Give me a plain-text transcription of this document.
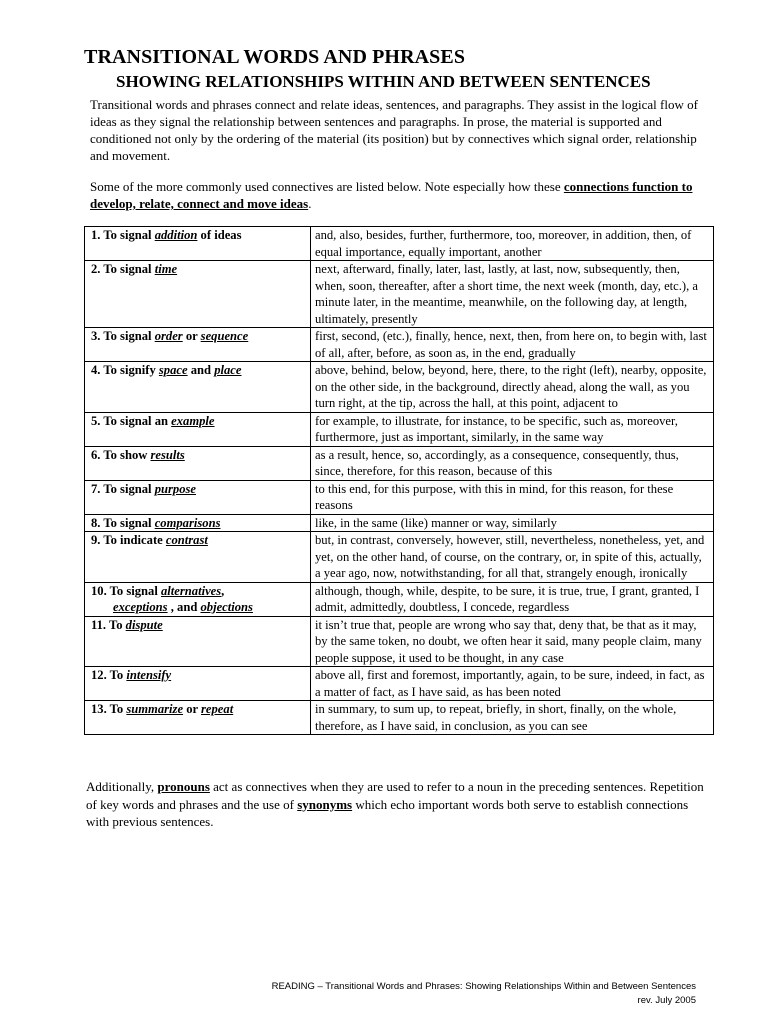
TRANSITIONAL WORDS AND PHRASES
SHOWING RELATIONSHIPS WITHIN AND BETWEEN SENTENCES

Transitional words and phrases connect and relate ideas, sentences, and paragraphs. They assist in the logical flow of ideas as they signal the relationship between sentences and paragraphs. In prose, the material is supported and conditioned not only by the ordering of the material (its position) but by connectives which signal order, relationship and movement.

Some of the more commonly used connectives are listed below. Note especially how these connections function to develop, relate, connect and move ideas.

1. To signal addition of ideas	and, also, besides, further, furthermore, too, moreover, in addition, then, of equal importance, equally important, another
2. To signal time	next, afterward, finally, later, last, lastly, at last, now, subsequently, then, when, soon, thereafter, after a short time, the next week (month, day, etc.), a minute later, in the meantime, meanwhile, on the following day, at length, ultimately, presently
3. To signal order or sequence	first, second, (etc.), finally, hence, next, then, from here on, to begin with, last of all, after, before, as soon as, in the end, gradually
4. To signify space and place	above, behind, below, beyond, here, there, to the right (left), nearby, opposite, on the other side, in the background, directly ahead, along the wall, as you turn right, at the tip, across the hall, at this point, adjacent to
5. To signal an example	for example, to illustrate, for instance, to be specific, such as, moreover, furthermore, just as important, similarly, in the same way
6. To show results	as a result, hence, so, accordingly, as a consequence, consequently, thus, since, therefore, for this reason, because of this
7. To signal purpose	to this end, for this purpose, with this in mind, for this reason, for these reasons
8. To signal comparisons	like, in the same (like) manner or way, similarly
9. To indicate contrast	but, in contrast, conversely, however, still, nevertheless, nonetheless, yet, and yet, on the other hand, of course, on the contrary, or, in spite of this, actually, a year ago, now, notwithstanding, for all that, strangely enough, ironically
10. To signal alternatives,
exceptions , and objections	although, though, while, despite, to be sure, it is true, true, I grant, granted, I admit, admittedly, doubtless, I concede, regardless
11. To dispute	it isn’t true that, people are wrong who say that, deny that, be that as it may, by the same token, no doubt, we often hear it said, many people claim, many people suppose, it used to be thought, in any case
12. To intensify	above all, first and foremost, importantly, again, to be sure, indeed, in fact, as a matter of fact, as I have said, as has been noted
13. To summarize or repeat	in summary, to sum up, to repeat, briefly, in short, finally, on the whole, therefore, as I have said, in conclusion, as you can see

Additionally, pronouns act as connectives when they are used to refer to a noun in the preceding sentences. Repetition of key words and phrases and the use of synonyms which echo important words both serve to establish connections with previous sentences.

READING – Transitional Words and Phrases: Showing Relationships Within and Between Sentences
rev. July 2005
